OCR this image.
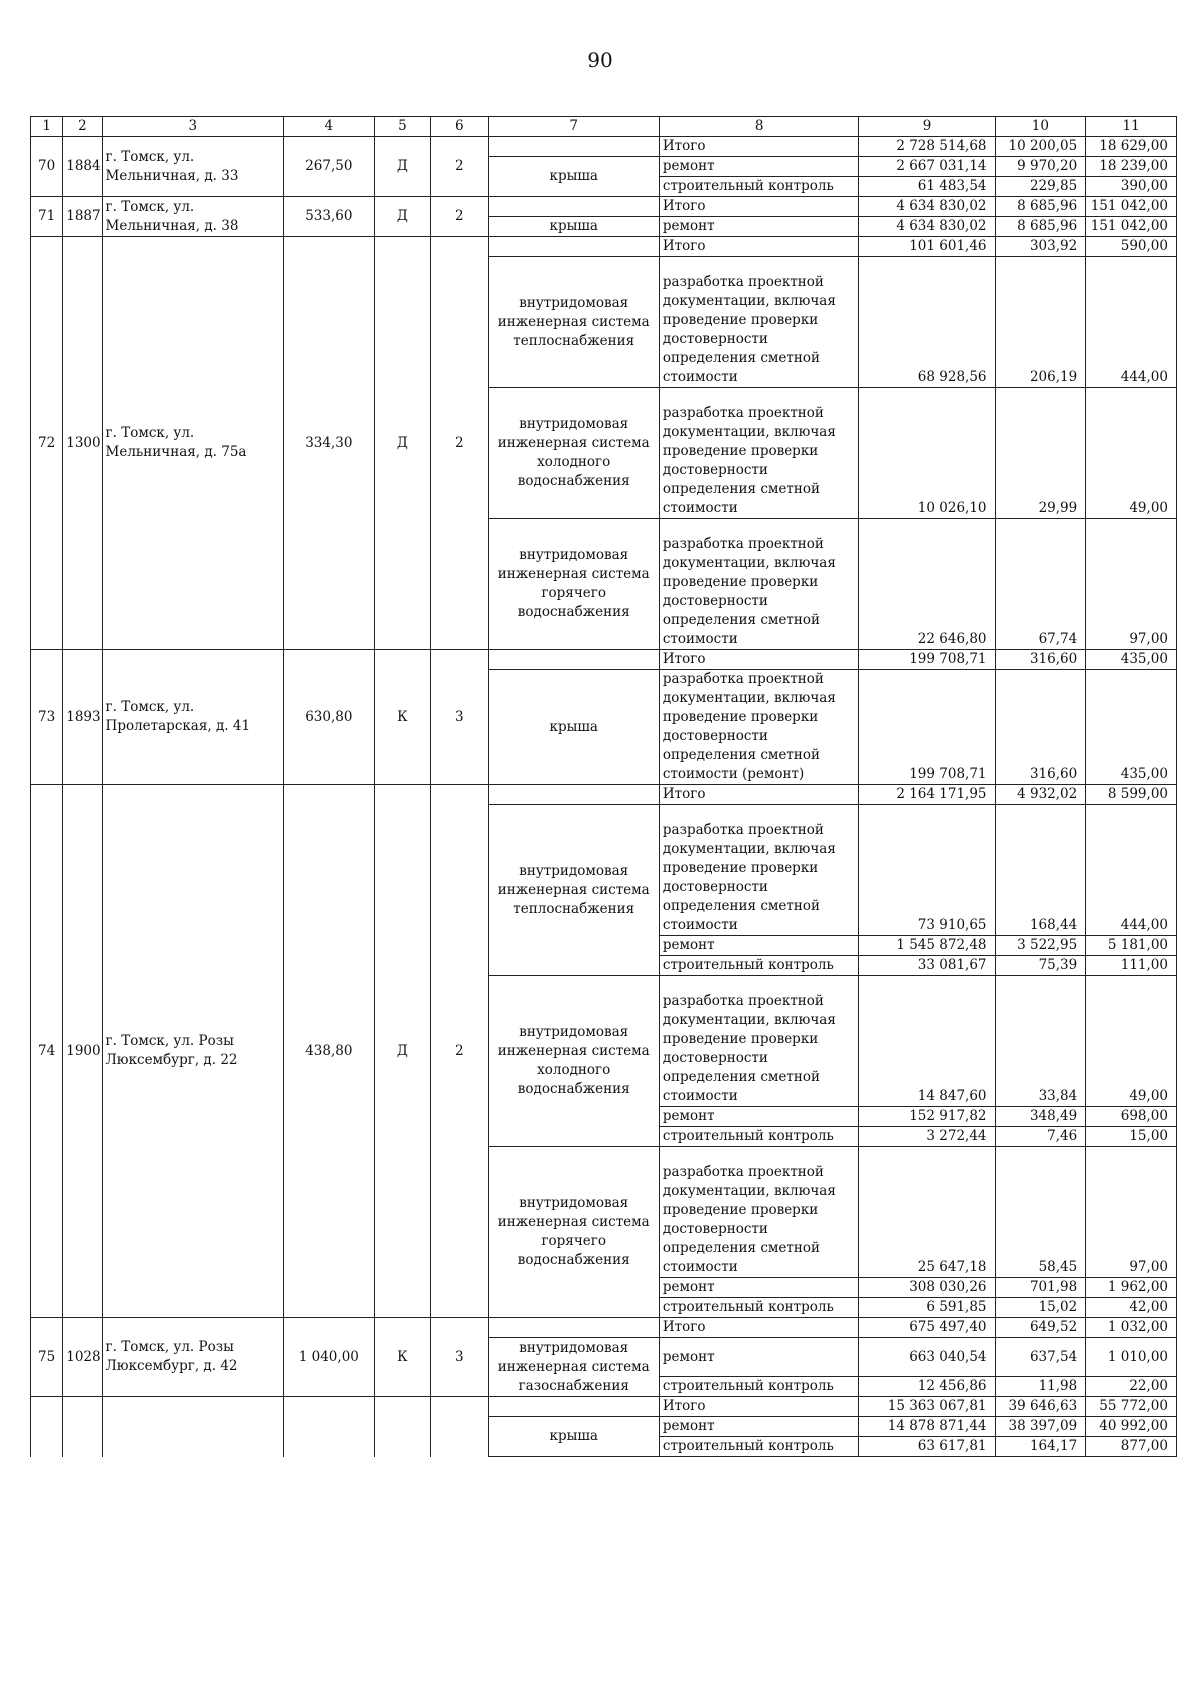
90
1	2	3	4	5	6	7	8	9	10	11
70	1884	г. Томск, ул. Мельничная, д. 33	267,50	Д	2		Итого	2 728 514,68	10 200,05	18 629,00
						крыша	ремонт	2 667 031,14	9 970,20	18 239,00
							строительный контроль	61 483,54	229,85	390,00
71	1887	г. Томск, ул. Мельничная, д. 38	533,60	Д	2		Итого	4 634 830,02	8 685,96	151 042,00
						крыша	ремонт	4 634 830,02	8 685,96	151 042,00
72	1300	г. Томск, ул. Мельничная, д. 75а	334,30	Д	2		Итого	101 601,46	303,92	590,00
						внутридомовая инженерная система теплоснабжения	разработка проектной документации, включая проведение проверки достоверности определения сметной стоимости	68 928,56	206,19	444,00
						внутридомовая инженерная система холодного водоснабжения	разработка проектной документации, включая проведение проверки достоверности определения сметной стоимости	10 026,10	29,99	49,00
						внутридомовая инженерная система горячего водоснабжения	разработка проектной документации, включая проведение проверки достоверности определения сметной стоимости	22 646,80	67,74	97,00
73	1893	г. Томск, ул. Пролетарская, д. 41	630,80	К	3		Итого	199 708,71	316,60	435,00
						крыша	разработка проектной документации, включая проведение проверки достоверности определения сметной стоимости (ремонт)	199 708,71	316,60	435,00
74	1900	г. Томск, ул. Розы Люксембург, д. 22	438,80	Д	2		Итого	2 164 171,95	4 932,02	8 599,00
						внутридомовая инженерная система теплоснабжения	разработка проектной документации, включая проведение проверки достоверности определения сметной стоимости	73 910,65	168,44	444,00
							ремонт	1 545 872,48	3 522,95	5 181,00
							строительный контроль	33 081,67	75,39	111,00
						внутридомовая инженерная система холодного водоснабжения	разработка проектной документации, включая проведение проверки достоверности определения сметной стоимости	14 847,60	33,84	49,00
							ремонт	152 917,82	348,49	698,00
							строительный контроль	3 272,44	7,46	15,00
						внутридомовая инженерная система горячего водоснабжения	разработка проектной документации, включая проведение проверки достоверности определения сметной стоимости	25 647,18	58,45	97,00
							ремонт	308 030,26	701,98	1 962,00
							строительный контроль	6 591,85	15,02	42,00
75	1028	г. Томск, ул. Розы Люксембург, д. 42	1 040,00	К	3		Итого	675 497,40	649,52	1 032,00
						внутридомовая инженерная система газоснабжения	ремонт	663 040,54	637,54	1 010,00
							строительный контроль	12 456,86	11,98	22,00
							Итого	15 363 067,81	39 646,63	55 772,00
						крыша	ремонт	14 878 871,44	38 397,09	40 992,00
							строительный контроль	63 617,81	164,17	877,00
